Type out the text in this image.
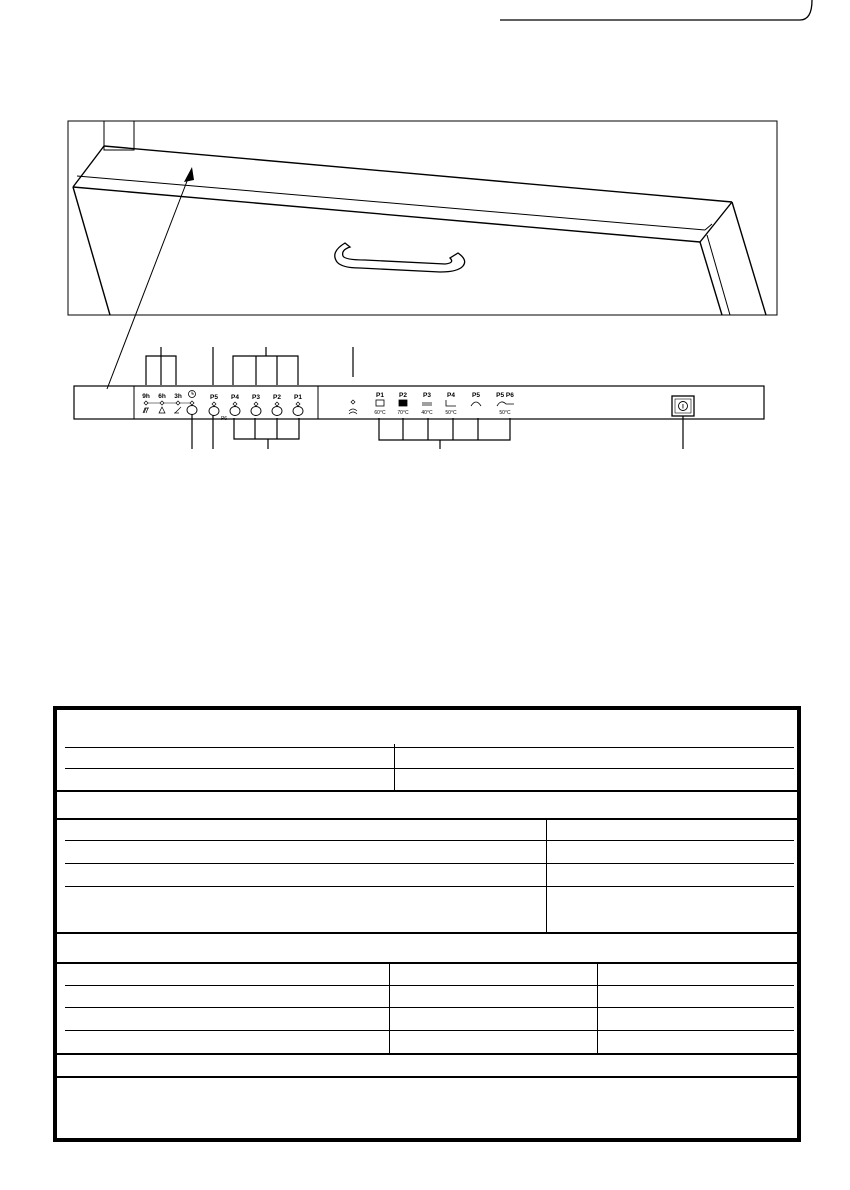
9h 6h 3h	P5 P4 P3 P2 P1
P6
P1 P2 P3 P4	P5 P5 P6
60°C 70°C	40°C	50°C	50°C
I
